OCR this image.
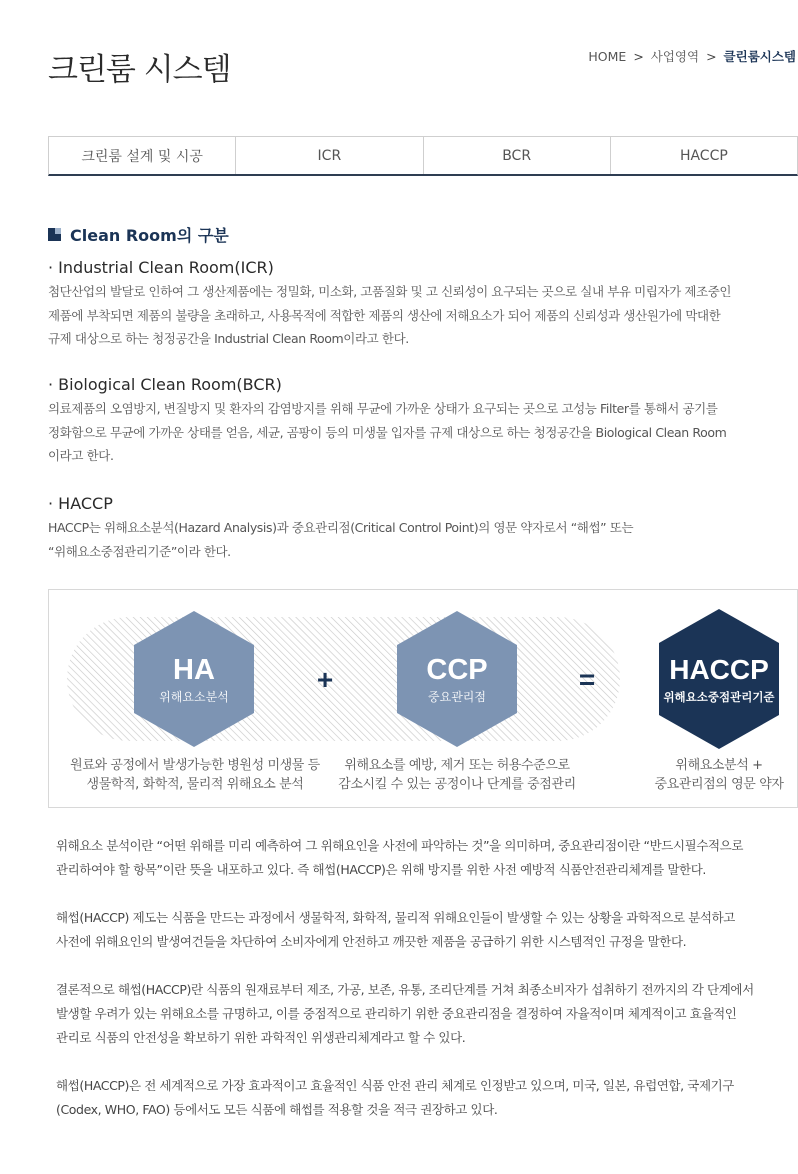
크린룸 시스템	HOME > 사업영역 > 클린룸시스템
크린룸 설계 및 시공	ICR	BCR	HACCP
Clean Room의 구분
· Industrial Clean Room(ICR)
첨단산업의 발달로 인하여 그 생산제품에는 정밀화, 미소화, 고품질화 및 고 신뢰성이 요구되는 곳으로 실내 부유 미립자가 제조중인
제품에 부착되면 제품의 불량을 초래하고, 사용목적에 적합한 제품의 생산에 저해요소가 되어 제품의 신뢰성과 생산원가에 막대한
규제 대상으로 하는 청정공간을 Industrial Clean Room이라고 한다.
· Biological Clean Room(BCR)
의료제품의 오염방지, 변질방지 및 환자의 감염방지를 위해 무균에 가까운 상태가 요구되는 곳으로 고성능 Filter를 통해서 공기를
정화함으로 무균에 가까운 상태를 얻음, 세균, 곰팡이 등의 미생물 입자를 규제 대상으로 하는 청정공간을 Biological Clean Room
이라고 한다.
· HACCP
HACCP는 위해요소분석(Hazard Analysis)과 중요관리점(Critical Control Point)의 영문 약자로서 “해썹” 또는
“위해요소중점관리기준”이라 한다.
HA
위해요소분석
+	CCP
중요관리점
=	HACCP
위해요소중점관리기준
원료와 공정에서 발생가능한 병원성 미생물 등
생물학적, 화학적, 물리적 위해요소 분석
위해요소를 예방, 제거 또는 허용수준으로
감소시킬 수 있는 공정이나 단계를 중점관리
위해요소분석 +
중요관리점의 영문 약자
위해요소 분석이란 “어떤 위해를 미리 예측하여 그 위해요인을 사전에 파악하는 것”을 의미하며, 중요관리점이란 “반드시필수적으로
관리하여야 할 항목”이란 뜻을 내포하고 있다. 즉 해썹(HACCP)은 위해 방지를 위한 사전 예방적 식품안전관리체계를 말한다.
해썹(HACCP) 제도는 식품을 만드는 과정에서 생물학적, 화학적, 물리적 위해요인들이 발생할 수 있는 상황을 과학적으로 분석하고
사전에 위해요인의 발생여건들을 차단하여 소비자에게 안전하고 깨끗한 제품을 공급하기 위한 시스템적인 규정을 말한다.
결론적으로 해썹(HACCP)란 식품의 원재료부터 제조, 가공, 보존, 유통, 조리단계를 거쳐 최종소비자가 섭취하기 전까지의 각 단계에서
발생할 우려가 있는 위해요소를 규명하고, 이를 중점적으로 관리하기 위한 중요관리점을 결정하여 자율적이며 체계적이고 효율적인
관리로 식품의 안전성을 확보하기 위한 과학적인 위생관리체계라고 할 수 있다.
해썹(HACCP)은 전 세계적으로 가장 효과적이고 효율적인 식품 안전 관리 체계로 인정받고 있으며, 미국, 일본, 유럽연합, 국제기구
(Codex, WHO, FAO) 등에서도 모든 식품에 해썹를 적용할 것을 적극 권장하고 있다.
